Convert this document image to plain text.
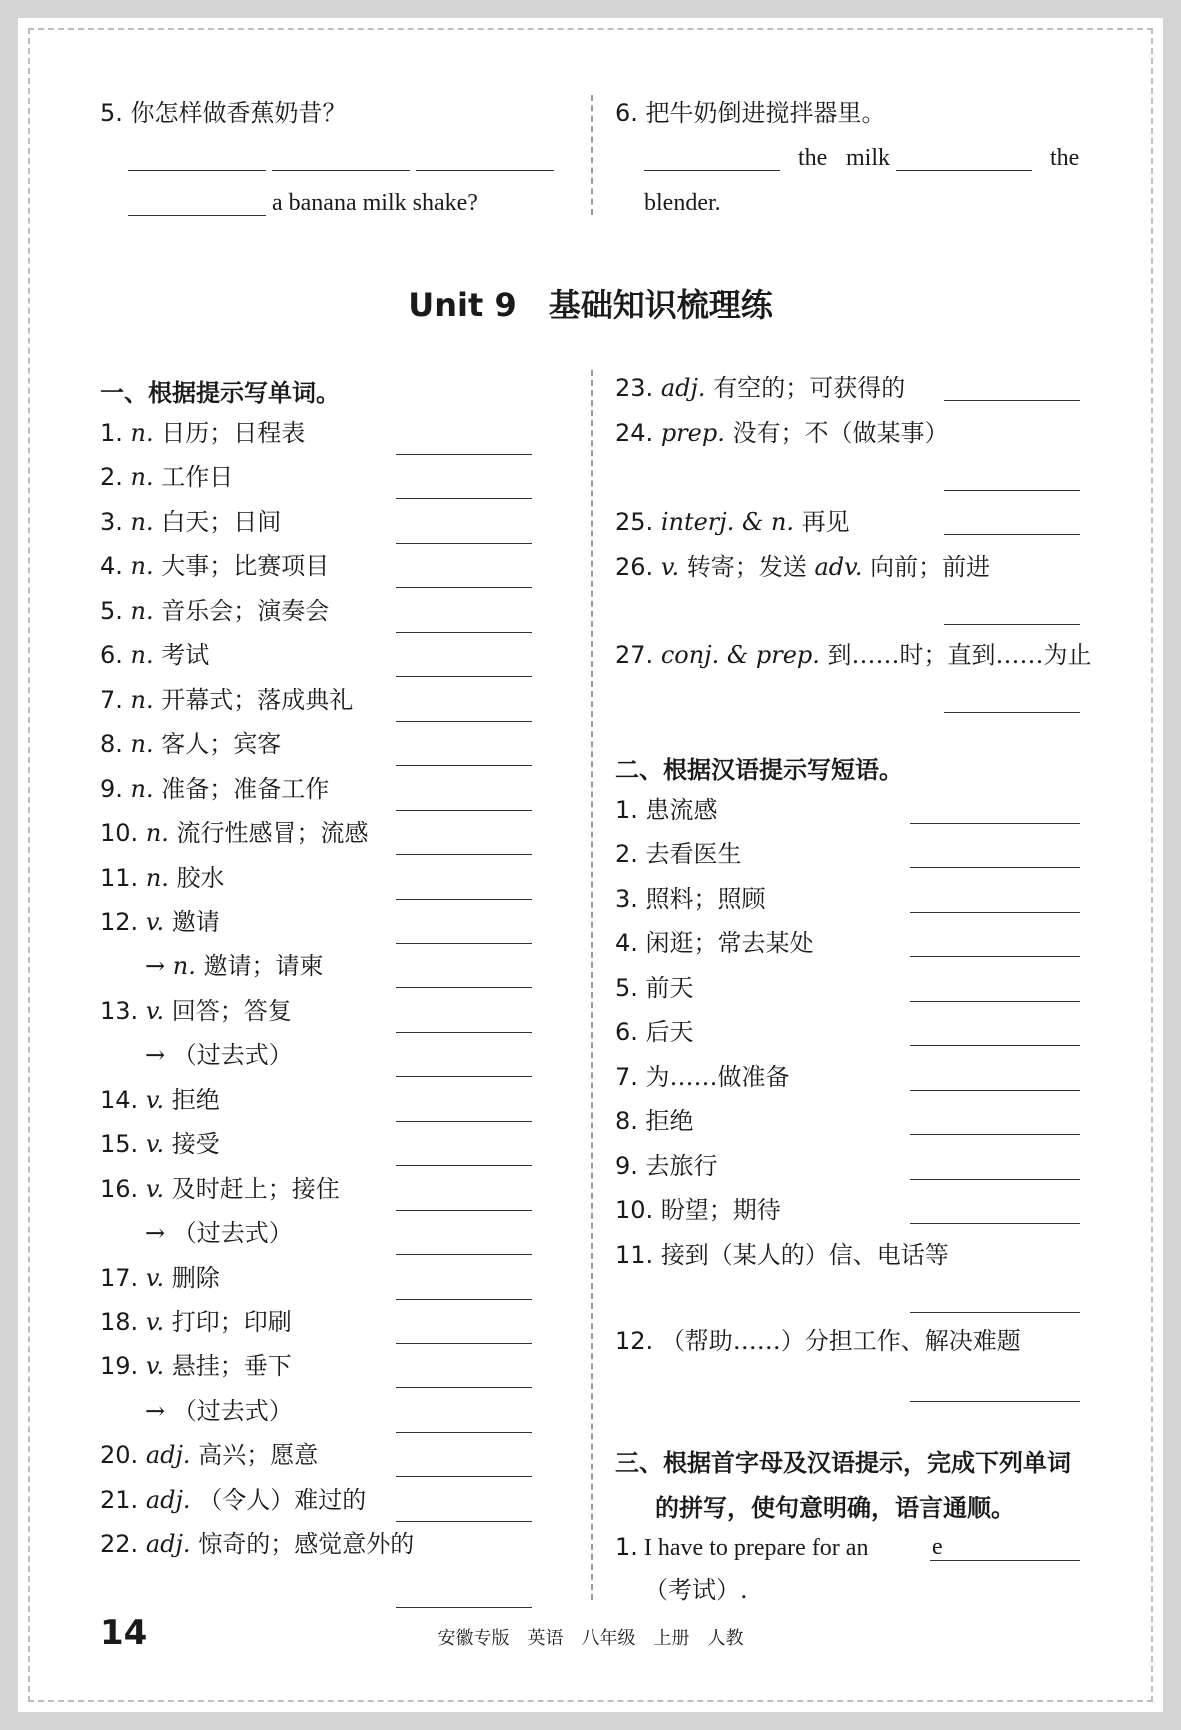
5. 你怎样做香蕉奶昔？
a banana milk shake?
6. 把牛奶倒进搅拌器里。
the milk	the
blender.
Unit 9　基础知识梳理练
14	安徽专版　英语　八年级　上册　人教
一、根据提示写单词。
1. n. 日历；日程表
2. n. 工作日
3. n. 白天；日间
4. n. 大事；比赛项目
5. n. 音乐会；演奏会
6. n. 考试
7. n. 开幕式；落成典礼
8. n. 客人；宾客
9. n. 准备；准备工作
10. n. 流行性感冒；流感
11. n. 胶水
12. v. 邀请
→ n. 邀请；请柬
13. v. 回答；答复
→ （过去式）
14. v. 拒绝
15. v. 接受
16. v. 及时赶上；接住
→ （过去式）
17. v. 删除
18. v. 打印；印刷
19. v. 悬挂；垂下
→ （过去式）
20. adj. 高兴；愿意
21. adj. （令人）难过的
22. adj. 惊奇的；感觉意外的
23. adj. 有空的；可获得的
24. prep. 没有；不（做某事）
25. interj. & n. 再见
26. v. 转寄；发送 adv. 向前；前进
27. conj. & prep. 到……时；直到……为止
二、根据汉语提示写短语。
1. 患流感
2. 去看医生
3. 照料；照顾
4. 闲逛；常去某处
5. 前天
6. 后天
7. 为……做准备
8. 拒绝
9. 去旅行
10. 盼望；期待
11. 接到（某人的）信、电话等
12. （帮助……）分担工作、解决难题
三、根据首字母及汉语提示，完成下列单词
的拼写，使句意明确，语言通顺。
1. I have to prepare for an	e
（考试）.
